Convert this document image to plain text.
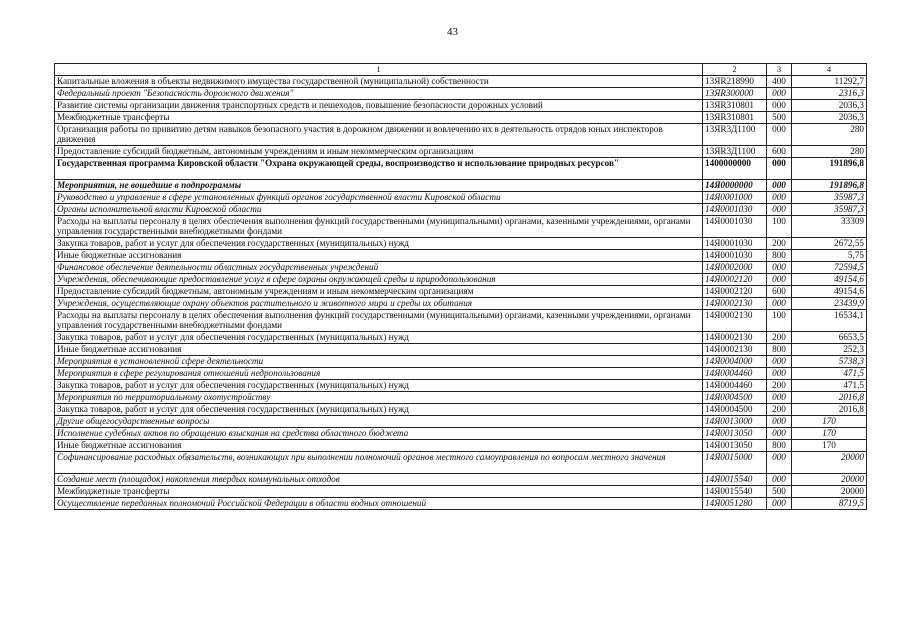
43
1	2	3	4
Капитальные вложения в объекты недвижимого имущества государственной (муниципальной) собственности	13ЯR218990	400	11292,7
Федеральный проект "Безопасность дорожного движения"	13ЯR300000	000	2316,3
Развитие системы организации движения транспортных средств и пешеходов, повышение безопасности дорожных условий	13ЯR310801	000	2036,3
Межбюджетные трансферты	13ЯR310801	500	2036,3
Организация работы по привитию детям навыков безопасного участия в дорожном движении и вовлечению их в деятельность отрядов юных инспекторов движения	13ЯR3Д1100	000	280
Предоставление субсидий бюджетным, автономным учреждениям и иным некоммерческим организациям	13ЯR3Д1100	600	280
Государственная программа Кировской области "Охрана окружающей среды, воспроизводство и использование природных ресурсов"	1400000000	000	191896,8
Мероприятия, не вошедшие в подпрограммы	14Я0000000	000	191896,8
Руководство и управление в сфере установленных функций органов государственной власти Кировской области	14Я0001000	000	35987,3
Органы исполнительной власти Кировской области	14Я0001030	000	35987,3
Расходы на выплаты персоналу в целях обеспечения выполнения функций государственными (муниципальными) органами, казенными учреждениями, органами управления государственными внебюджетными фондами	14Я0001030	100	33309
Закупка товаров, работ и услуг для обеспечения государственных (муниципальных) нужд	14Я0001030	200	2672,55
Иные бюджетные ассигнования	14Я0001030	800	5,75
Финансовое обеспечение деятельности областных государственных учреждений	14Я0002000	000	72594,5
Учреждения, обеспечивающие предоставление услуг в сфере охраны окружающей среды и природопользования	14Я0002120	000	49154,6
Предоставление субсидий бюджетным, автономным учреждениям и иным некоммерческим организациям	14Я0002120	600	49154,6
Учреждения, осуществляющие охрану объектов растительного и животного мира и среды их обитания	14Я0002130	000	23439,9
Расходы на выплаты персоналу в целях обеспечения выполнения функций государственными (муниципальными) органами, казенными учреждениями, органами управления государственными внебюджетными фондами	14Я0002130	100	16534,1
Закупка товаров, работ и услуг для обеспечения государственных (муниципальных) нужд	14Я0002130	200	6653,5
Иные бюджетные ассигнования	14Я0002130	800	252,3
Мероприятия в установленной сфере деятельности	14Я0004000	000	5738,3
Мероприятия в сфере регулирования отношений недропользования	14Я0004460	000	471,5
Закупка товаров, работ и услуг для обеспечения государственных (муниципальных) нужд	14Я0004460	200	471,5
Мероприятия по территориальному охотустройству	14Я0004500	000	2016,8
Закупка товаров, работ и услуг для обеспечения государственных (муниципальных) нужд	14Я0004500	200	2016,8
Другие общегосударственные вопросы	14Я0013000	000	170
Исполнение судебных актов по обращению взыскания на средства областного бюджета	14Я0013050	000	170
Иные бюджетные ассигнования	14Я0013050	800	170
Софинансирование расходных обязательств, возникающих при выполнении полномочий органов местного самоуправления по вопросам местного значения	14Я0015000	000	20000
Создание мест (площадок) накопления твердых коммунальных отходов	14Я0015540	000	20000
Межбюджетные трансферты	14Я0015540	500	20000
Осуществление переданных полномочий Российской Федерации в области водных отношений	14Я0051280	000	8719,5
